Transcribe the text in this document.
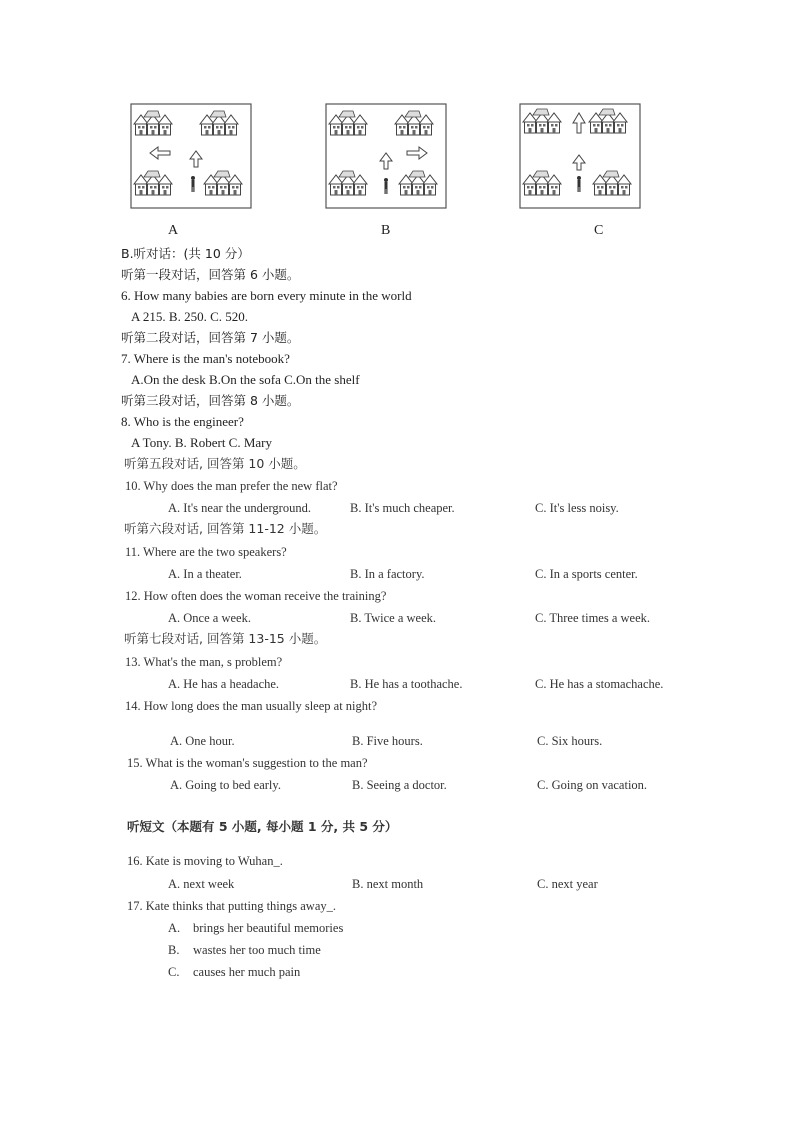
A	B	C
B.听对话：(共 10 分）
听第一段对话，回答第 6 小题。
6. How many babies are born every minute in the world
A 215. B. 250. C. 520.
听第二段对话，回答第 7 小题。
7. Where is the man's notebook?
A.On the desk B.On the sofa C.On the shelf
听第三段对话，回答第 8 小题。
8. Who is the engineer?
A Tony. B. Robert C. Mary
听第五段对话, 回答第 10 小题。
10. Why does the man prefer the new flat?
A. It's near the underground.	B. It's much cheaper.	C. It's less noisy.
听第六段对话, 回答第 11-12 小题。
11. Where are the two speakers?
A. In a theater.	B. In a factory.	C. In a sports center.
12. How often does the woman receive the training?
A. Once a week.	B. Twice a week.	C. Three times a week.
听第七段对话, 回答第 13-15 小题。
13. What's the man, s problem?
A. He has a headache.	B. He has a toothache.	C. He has a stomachache.
14. How long does the man usually sleep at night?
A. One hour.	B. Five hours.	C. Six hours.
15. What is the woman's suggestion to the man?
A. Going to bed early.	B. Seeing a doctor.	C. Going on vacation.
听短文（本题有 5 小题, 每小题 1 分, 共 5 分）
16. Kate is moving to Wuhan_.
A. next week	B. next month	C. next year
17. Kate thinks that putting things away_.
A. brings her beautiful memories
B. wastes her too much time
C. causes her much pain
